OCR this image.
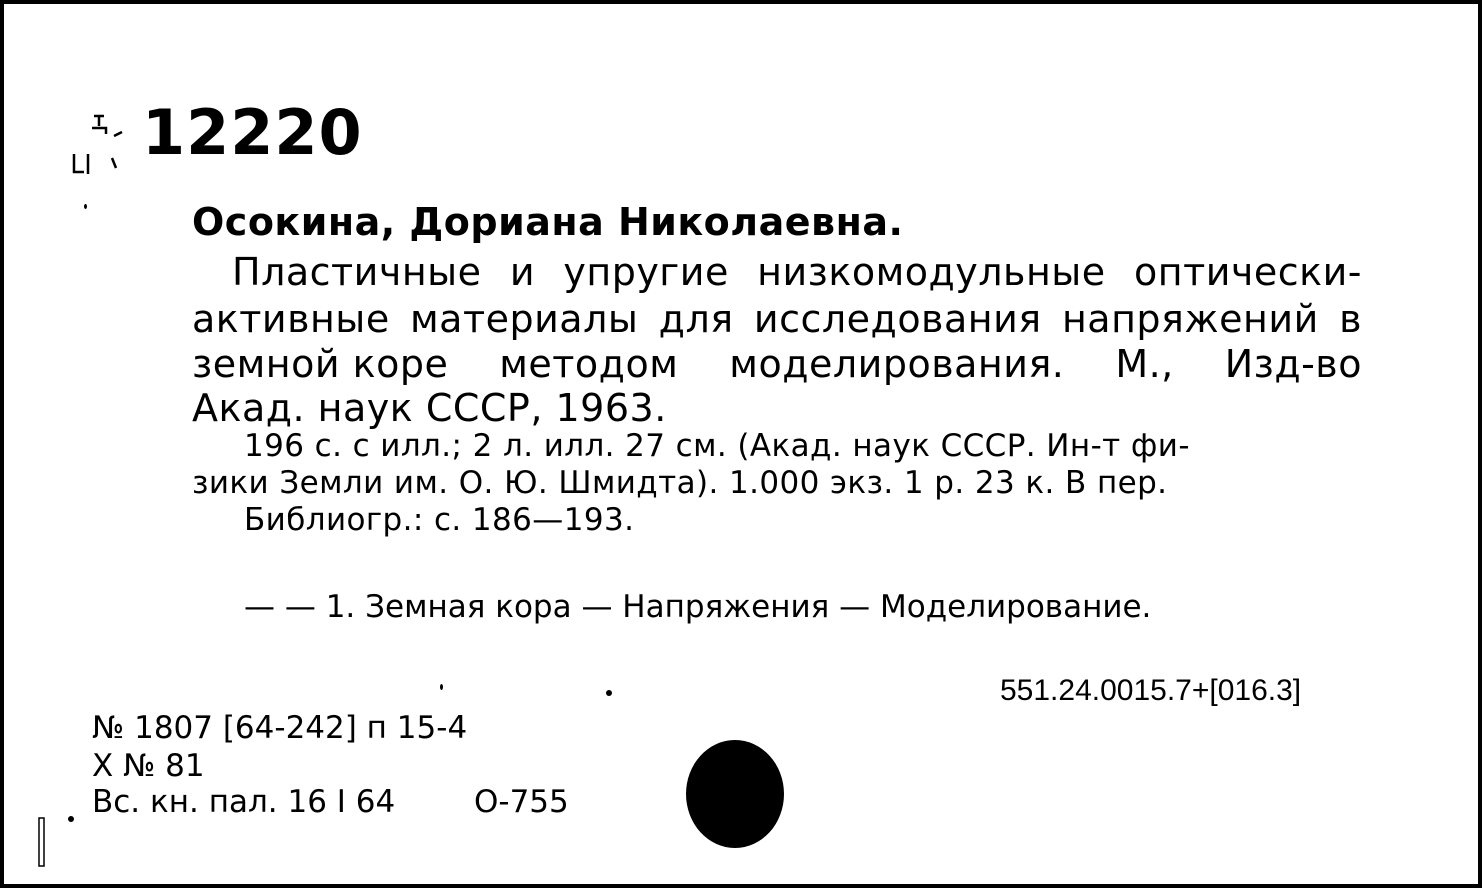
12220
Осокина, Дориана Николаевна.
Пластичные и упругие низкомодульные оптически-
активные материалы для исследования напряжений в
земной коре методом моделирования. М., Изд-во
Акад. наук СССР, 1963.
196 с. с илл.; 2 л. илл. 27 см. (Акад. наук СССР. Ин-т фи-
зики Земли им. О. Ю. Шмидта). 1.000 экз. 1 р. 23 к. В пер.
Библиогр.: с. 186—193.
— — 1. Земная кора — Напряжения — Моделирование.
551.24.0015.7+[016.3]
№ 1807 [64-242] п 15-4
Х № 81
Вс. кн. пал. 16 I 64	О-755
